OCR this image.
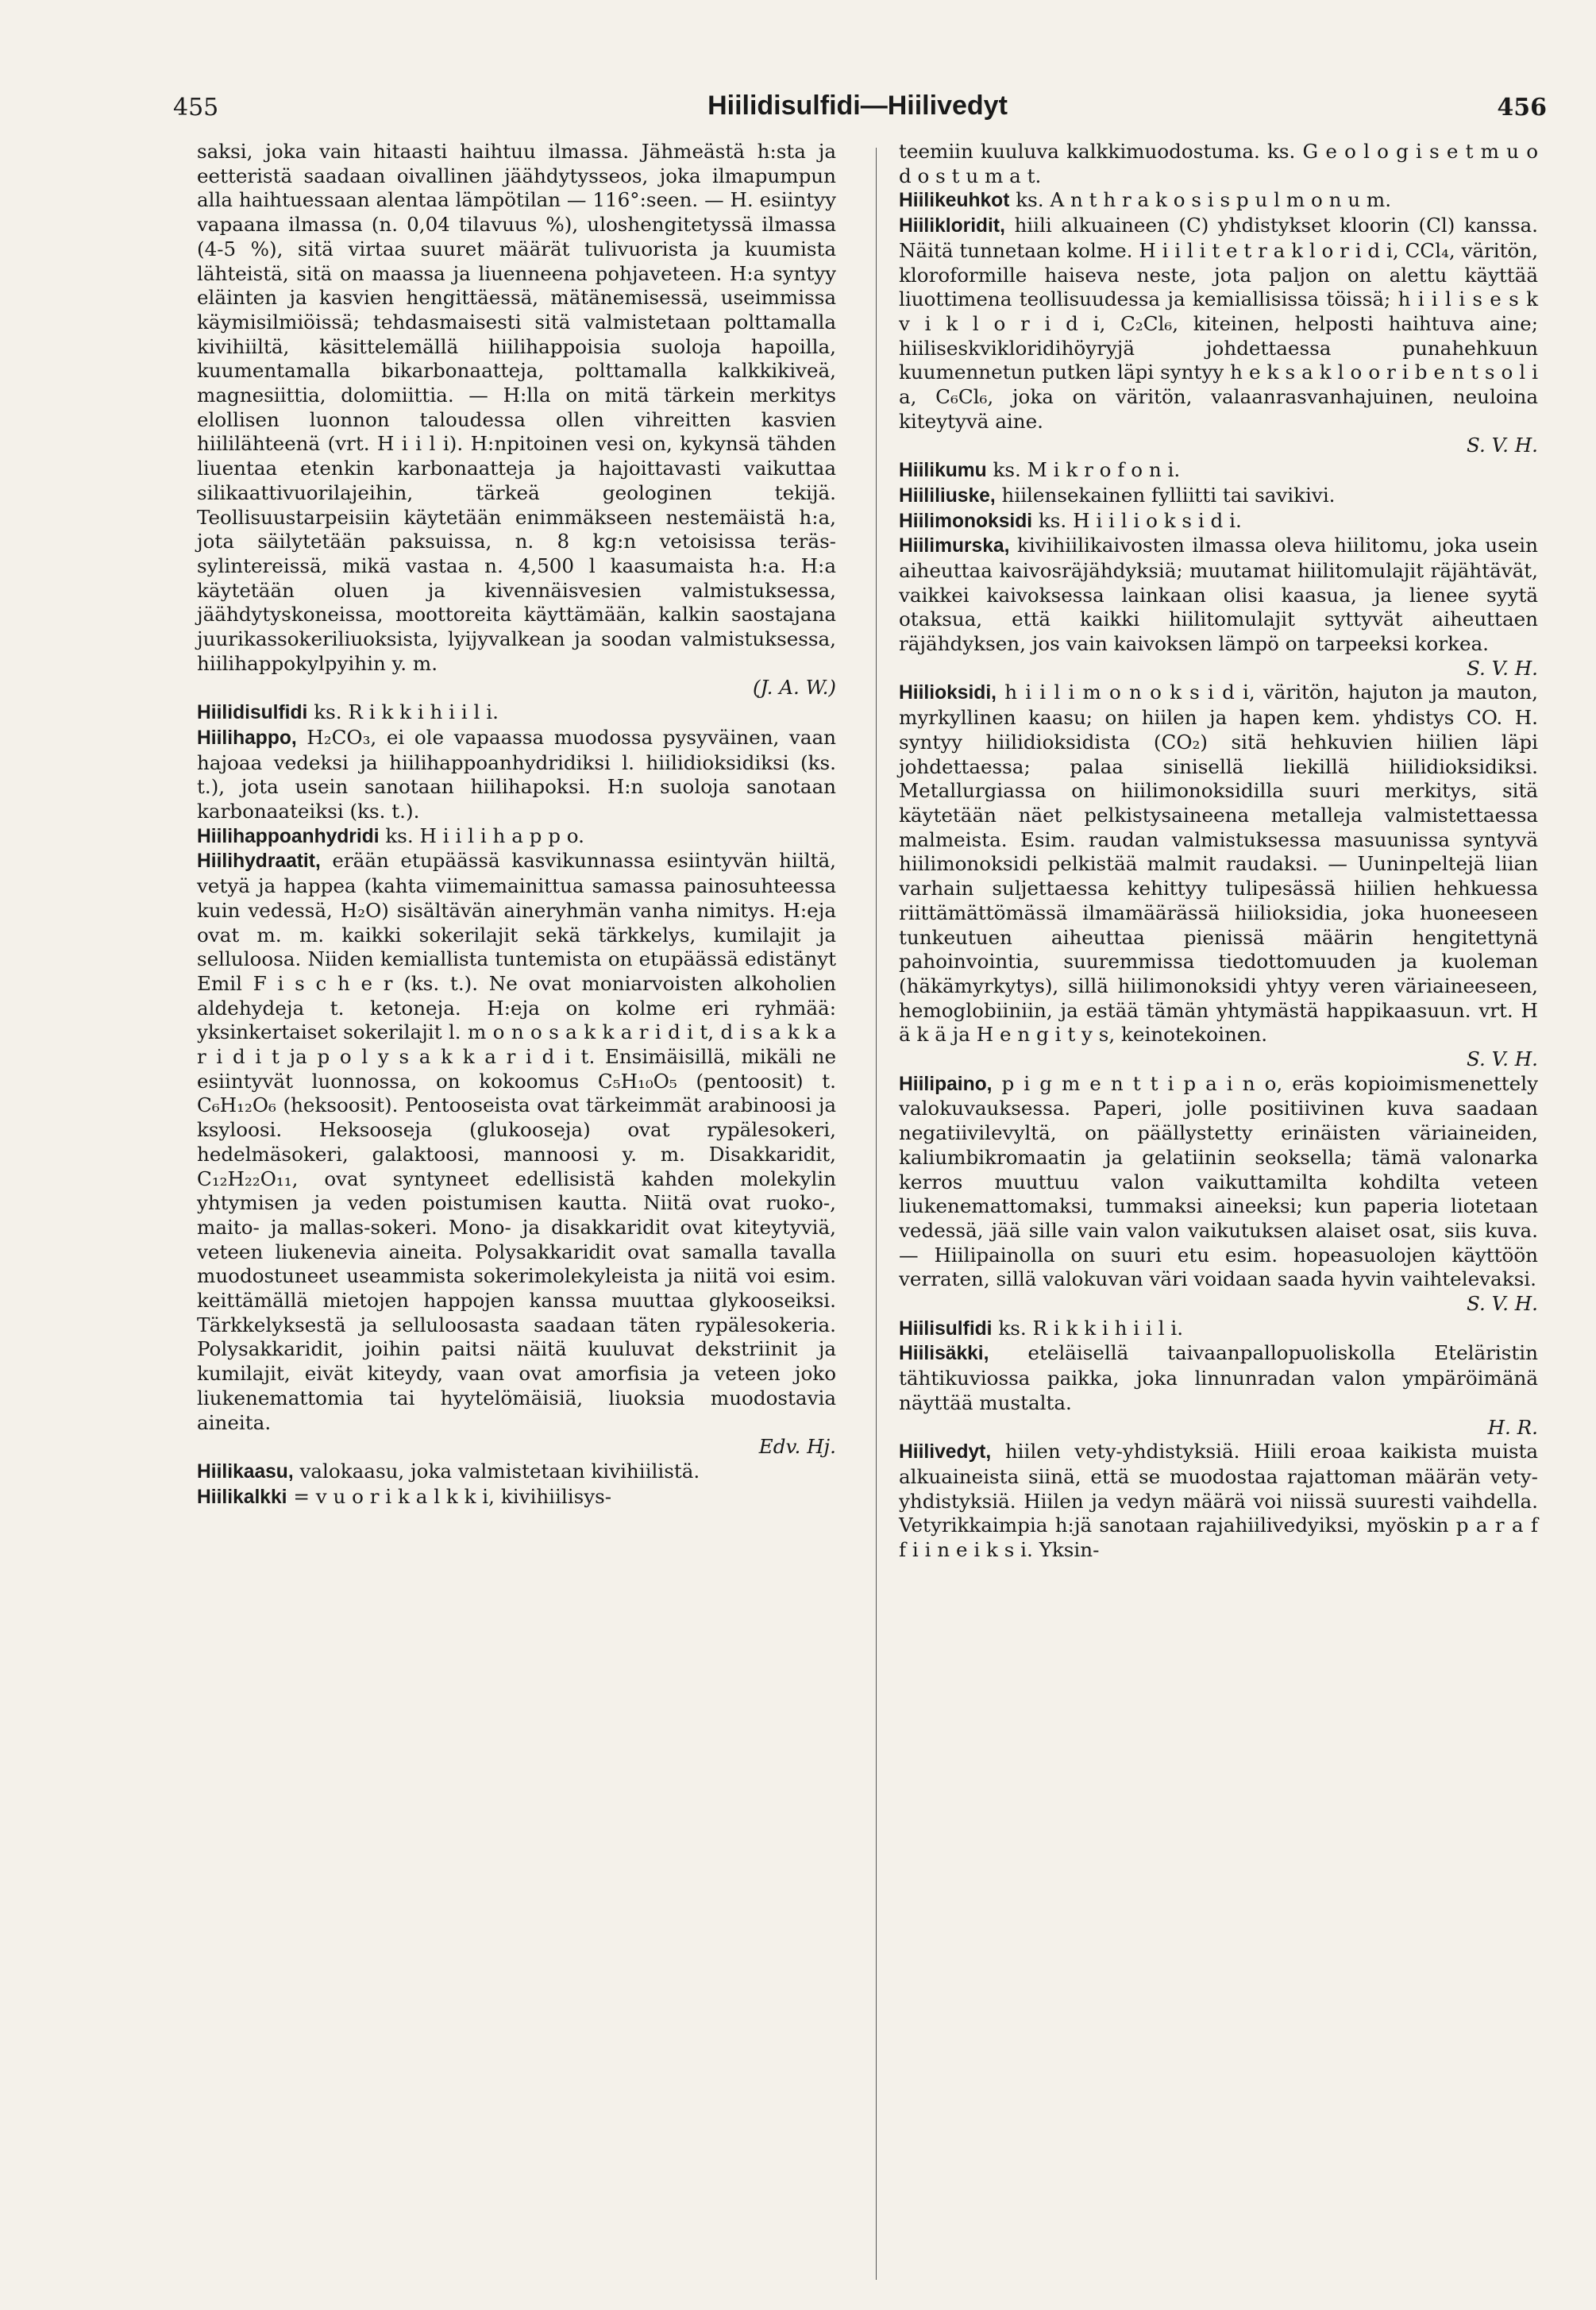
455	Hiilidisulfidi—Hiilivedyt	456

saksi, joka vain hitaasti haihtuu ilmassa. Jähmeästä h:sta ja eetteristä saadaan oivallinen jäähdytysseos, joka ilmapumpun alla haihtuessaan alentaa lämpötilan — 116°:seen. — H. esiintyy vapaana ilmassa (n. 0,04 tilavuus %), uloshengitetyssä ilmassa (4-5 %), sitä virtaa suuret määrät tulivuorista ja kuumista lähteistä, sitä on maassa ja liuenneena pohjaveteen. H:a syntyy eläinten ja kasvien hengittäessä, mätänemisessä, useimmissa käymisilmiöissä; tehdasmaisesti sitä valmistetaan polttamalla kivihiiltä, käsittelemällä hiilihappoisia suoloja hapoilla, kuumentamalla bikarbonaatteja, polttamalla kalkkikiveä, magnesiittia, dolomiittia. — H:lla on mitä tärkein merkitys elollisen luonnon taloudessa ollen vihreitten kasvien hiililähteenä (vrt. H i i l i). H:npitoinen vesi on, kykynsä tähden liuentaa etenkin karbonaatteja ja hajoittavasti vaikuttaa silikaattivuorilajeihin, tärkeä geologinen tekijä. Teollisuustarpeisiin käytetään enimmäkseen nestemäistä h:a, jota säilytetään paksuissa, n. 8 kg:n vetoisissa teräs-sylintereissä, mikä vastaa n. 4,500 l kaasumaista h:a. H:a käytetään oluen ja kivennäisvesien valmistuksessa, jäähdytyskoneissa, moottoreita käyttämään, kalkin saostajana juurikassokeriliuoksista, lyijyvalkean ja soodan valmistuksessa, hiilihappokylpyihin y. m.
(J. A. W.)

Hiilidisulfidi ks. R i k k i h i i l i.

Hiilihappo, H₂CO₃, ei ole vapaassa muodossa pysyväinen, vaan hajoaa vedeksi ja hiilihappoanhydridiksi l. hiilidioksidiksi (ks. t.), jota usein sanotaan hiilihapoksi. H:n suoloja sanotaan karbonaateiksi (ks. t.).

Hiilihappoanhydridi ks. H i i l i h a p p o.

Hiilihydraatit, erään etupäässä kasvikunnassa esiintyvän hiiltä, vetyä ja happea (kahta viimemainittua samassa painosuhteessa kuin vedessä, H₂O) sisältävän aineryhmän vanha nimitys. H:eja ovat m. m. kaikki sokerilajit sekä tärkkelys, kumilajit ja selluloosa. Niiden kemiallista tuntemista on etupäässä edistänyt Emil F i s c h e r (ks. t.). Ne ovat moniarvoisten alkoholien aldehydeja t. ketoneja. H:eja on kolme eri ryhmää: yksinkertaiset sokerilajit l. m o n o s a k k a r i d i t, d i s a k k a r i d i t ja p o l y s a k k a r i d i t. Ensimäisillä, mikäli ne esiintyvät luonnossa, on kokoomus C₅H₁₀O₅ (pentoosit) t. C₆H₁₂O₆ (heksoosit). Pentooseista ovat tärkeimmät arabinoosi ja ksyloosi. Heksooseja (glukooseja) ovat rypälesokeri, hedelmäsokeri, galaktoosi, mannoosi y. m. Disakkaridit, C₁₂H₂₂O₁₁, ovat syntyneet edellisistä kahden molekylin yhtymisen ja veden poistumisen kautta. Niitä ovat ruoko-, maito- ja mallas-sokeri. Mono- ja disakkaridit ovat kiteytyviä, veteen liukenevia aineita. Polysakkaridit ovat samalla tavalla muodostuneet useammista sokerimolekyleista ja niitä voi esim. keittämällä mietojen happojen kanssa muuttaa glykooseiksi. Tärkkelyksestä ja selluloosasta saadaan täten rypälesokeria. Polysakkaridit, joihin paitsi näitä kuuluvat dekstriinit ja kumilajit, eivät kiteydy, vaan ovat amorfisia ja veteen joko liukenemattomia tai hyytelömäisiä, liuoksia muodostavia aineita.
Edv. Hj.

Hiilikaasu, valokaasu, joka valmistetaan kivihiilistä.

Hiilikalkki = v u o r i k a l k k i, kivihiilisys-

teemiin kuuluva kalkkimuodostuma. ks. G e o l o g i s e t m u o d o s t u m a t.

Hiilikeuhkot ks. A n t h r a k o s i s p u l m o n u m.

Hiilikloridit, hiili alkuaineen (C) yhdistykset kloorin (Cl) kanssa. Näitä tunnetaan kolme. H i i l i t e t r a k l o r i d i, CCl₄, väritön, kloroformille haiseva neste, jota paljon on alettu käyttää liuottimena teollisuudessa ja kemiallisissa töissä; h i i l i s e s k v i k l o r i d i, C₂Cl₆, kiteinen, helposti haihtuva aine; hiiliseskvikloridihöyryjä johdettaessa punahehkuun kuumennetun putken läpi syntyy h e k s a k l o o r i b e n t s o l i a, C₆Cl₆, joka on väritön, valaanrasvanhajuinen, neuloina kiteytyvä aine.
S. V. H.

Hiilikumu ks. M i k r o f o n i.

Hiililiuske, hiilensekainen fylliitti tai savikivi.

Hiilimonoksidi ks. H i i l i o k s i d i.

Hiilimurska, kivihiilikaivosten ilmassa oleva hiilitomu, joka usein aiheuttaa kaivosräjähdyksiä; muutamat hiilitomulajit räjähtävät, vaikkei kaivoksessa lainkaan olisi kaasua, ja lienee syytä otaksua, että kaikki hiilitomulajit syttyvät aiheuttaen räjähdyksen, jos vain kaivoksen lämpö on tarpeeksi korkea.
S. V. H.

Hiilioksidi, h i i l i m o n o k s i d i, väritön, hajuton ja mauton, myrkyllinen kaasu; on hiilen ja hapen kem. yhdistys CO. H. syntyy hiilidioksidista (CO₂) sitä hehkuvien hiilien läpi johdettaessa; palaa sinisellä liekillä hiilidioksidiksi. Metallurgiassa on hiilimonoksidilla suuri merkitys, sitä käytetään näet pelkistysaineena metalleja valmistettaessa malmeista. Esim. raudan valmistuksessa masuunissa syntyvä hiilimonoksidi pelkistää malmit raudaksi. — Uuninpeltejä liian varhain suljettaessa kehittyy tulipesässä hiilien hehkuessa riittämättömässä ilmamäärässä hiilioksidia, joka huoneeseen tunkeutuen aiheuttaa pienissä määrin hengitettynä pahoinvointia, suuremmissa tiedottomuuden ja kuoleman (häkämyrkytys), sillä hiilimonoksidi yhtyy veren väriaineeseen, hemoglobiiniin, ja estää tämän yhtymästä happikaasuun. vrt. H ä k ä ja H e n g i t y s, keinotekoinen.
S. V. H.

Hiilipaino, p i g m e n t t i p a i n o, eräs kopioimismenettely valokuvauksessa. Paperi, jolle positiivinen kuva saadaan negatiivilevyltä, on päällystetty erinäisten väriaineiden, kaliumbikromaatin ja gelatiinin seoksella; tämä valonarka kerros muuttuu valon vaikuttamilta kohdilta veteen liukenemattomaksi, tummaksi aineeksi; kun paperia liotetaan vedessä, jää sille vain valon vaikutuksen alaiset osat, siis kuva. — Hiilipainolla on suuri etu esim. hopeasuolojen käyttöön verraten, sillä valokuvan väri voidaan saada hyvin vaihtelevaksi.
S. V. H.

Hiilisulfidi ks. R i k k i h i i l i.

Hiilisäkki, eteläisellä taivaanpallopuoliskolla Eteläristin tähtikuviossa paikka, joka linnunradan valon ympäröimänä näyttää mustalta.
H. R.

Hiilivedyt, hiilen vety-yhdistyksiä. Hiili eroaa kaikista muista alkuaineista siinä, että se muodostaa rajattoman määrän vety-yhdistyksiä. Hiilen ja vedyn määrä voi niissä suuresti vaihdella. Vetyrikkaimpia h:jä sanotaan rajahiilivedyiksi, myöskin p a r a f f i i n e i k s i. Yksin-
